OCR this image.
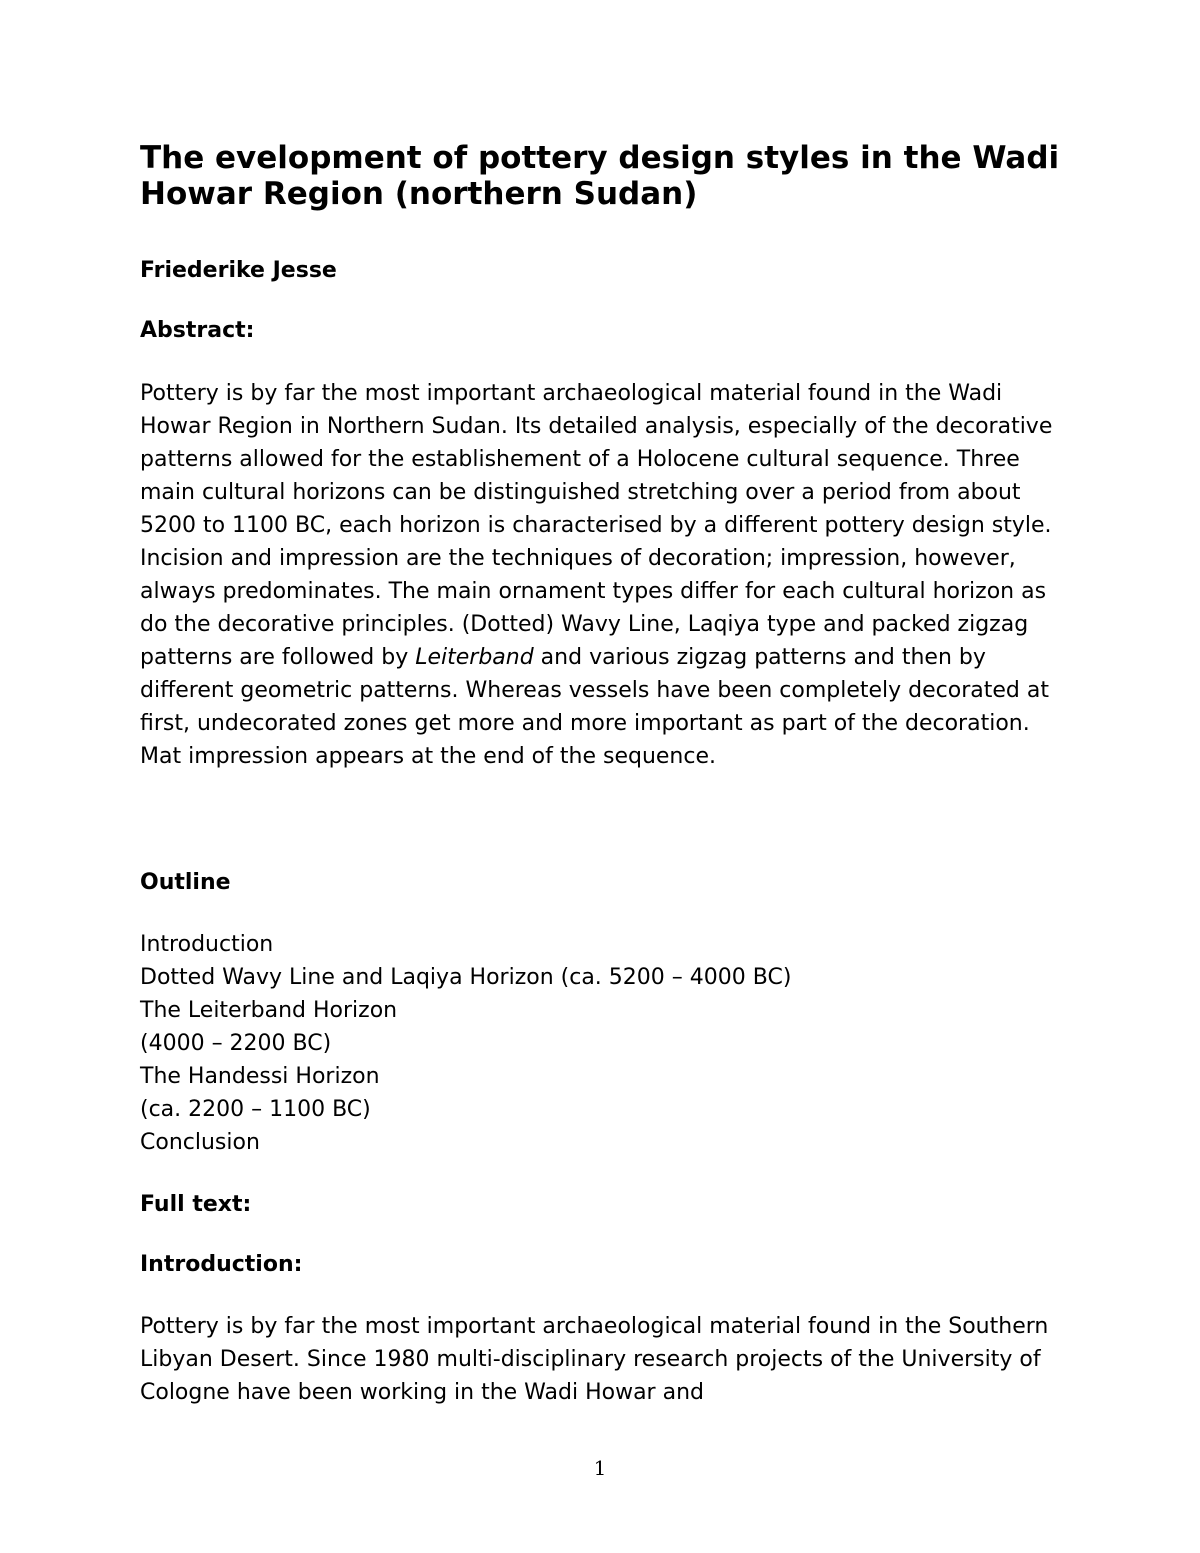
The evelopment of pottery design styles in the Wadi Howar Region (northern Sudan)

Friederike Jesse

Abstract:

Pottery is by far the most important archaeological material found in the Wadi Howar Region in Northern Sudan. Its detailed analysis, especially of the decorative patterns allowed for the establishement of a Holocene cultural sequence. Three main cultural horizons can be distinguished stretching over a period from about 5200 to 1100 BC, each horizon is characterised by a different pottery design style. Incision and impression are the techniques of decoration; impression, however, always predominates. The main ornament types differ for each cultural horizon as do the decorative principles. (Dotted) Wavy Line, Laqiya type and packed zigzag patterns are followed by Leiterband and various zigzag patterns and then by different geometric patterns. Whereas vessels have been completely decorated at first, undecorated zones get more and more important as part of the decoration. Mat impression appears at the end of the sequence.

Outline
Introduction
Dotted Wavy Line and Laqiya Horizon (ca. 5200 – 4000 BC)
The Leiterband Horizon
(4000 – 2200 BC)
The Handessi Horizon
(ca. 2200 – 1100 BC)
Conclusion
Full text:
Introduction:

Pottery is by far the most important archaeological material found in the Southern Libyan Desert. Since 1980 multi-disciplinary research projects of the University of Cologne have been working in the Wadi Howar and

1
